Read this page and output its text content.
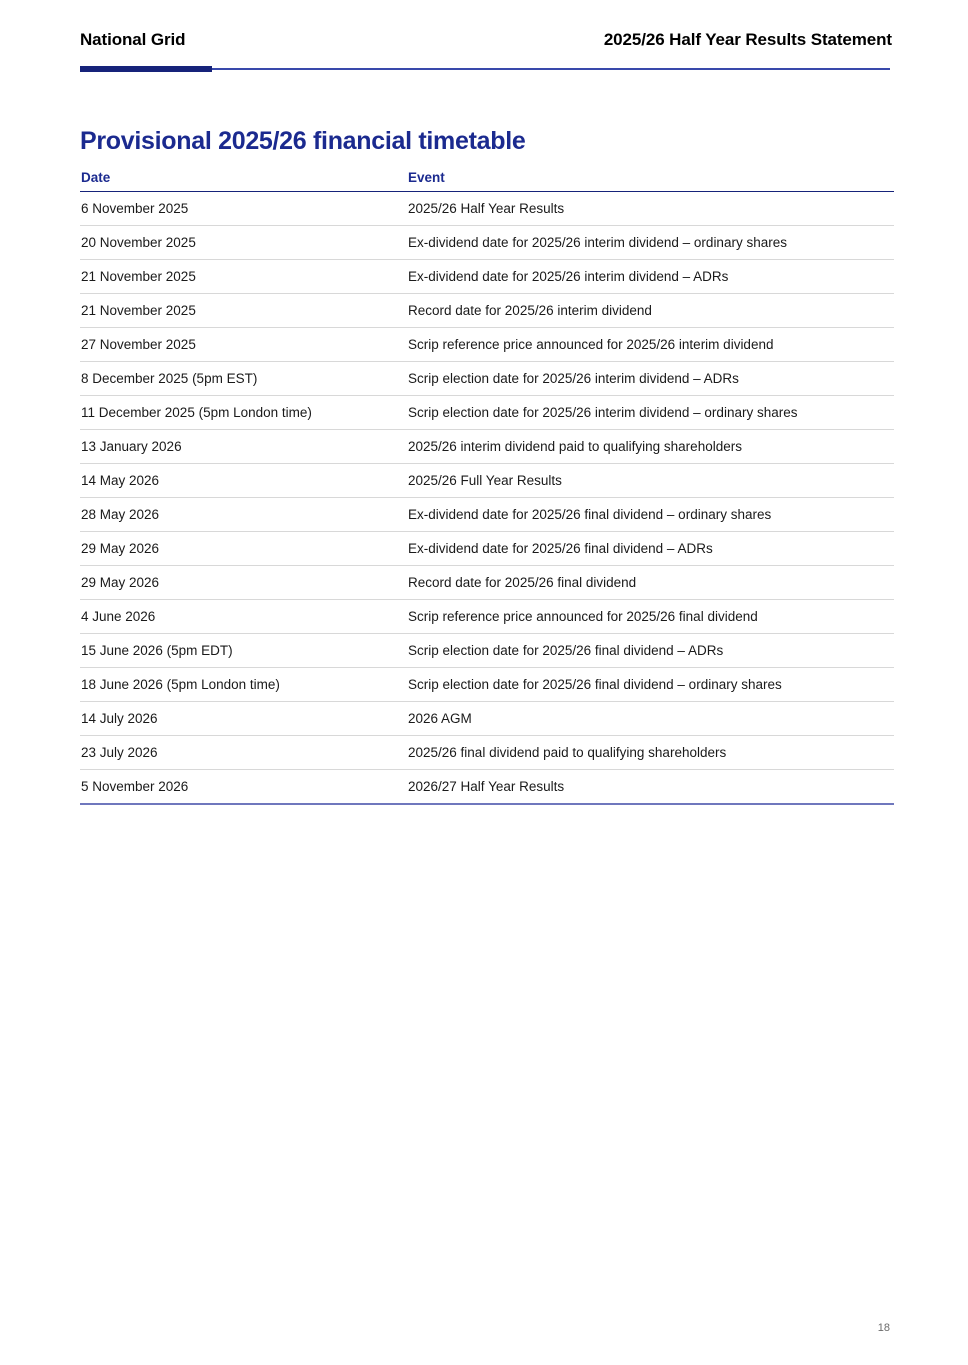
National Grid	2025/26 Half Year Results Statement
Provisional 2025/26 financial timetable
Date	Event
6 November 2025	2025/26 Half Year Results
20 November 2025	Ex-dividend date for 2025/26 interim dividend – ordinary shares
21 November 2025	Ex-dividend date for 2025/26 interim dividend – ADRs
21 November 2025	Record date for 2025/26 interim dividend
27 November 2025	Scrip reference price announced for 2025/26 interim dividend
8 December 2025 (5pm EST)	Scrip election date for 2025/26 interim dividend – ADRs
11 December 2025 (5pm London time)	Scrip election date for 2025/26 interim dividend – ordinary shares
13 January 2026	2025/26 interim dividend paid to qualifying shareholders
14 May 2026	2025/26 Full Year Results
28 May 2026	Ex-dividend date for 2025/26 final dividend – ordinary shares
29 May 2026	Ex-dividend date for 2025/26 final dividend – ADRs
29 May 2026	Record date for 2025/26 final dividend
4 June 2026	Scrip reference price announced for 2025/26 final dividend
15 June 2026 (5pm EDT)	Scrip election date for 2025/26 final dividend – ADRs
18 June 2026 (5pm London time)	Scrip election date for 2025/26 final dividend – ordinary shares
14 July 2026	2026 AGM
23 July 2026	2025/26 final dividend paid to qualifying shareholders
5 November 2026	2026/27 Half Year Results
18
